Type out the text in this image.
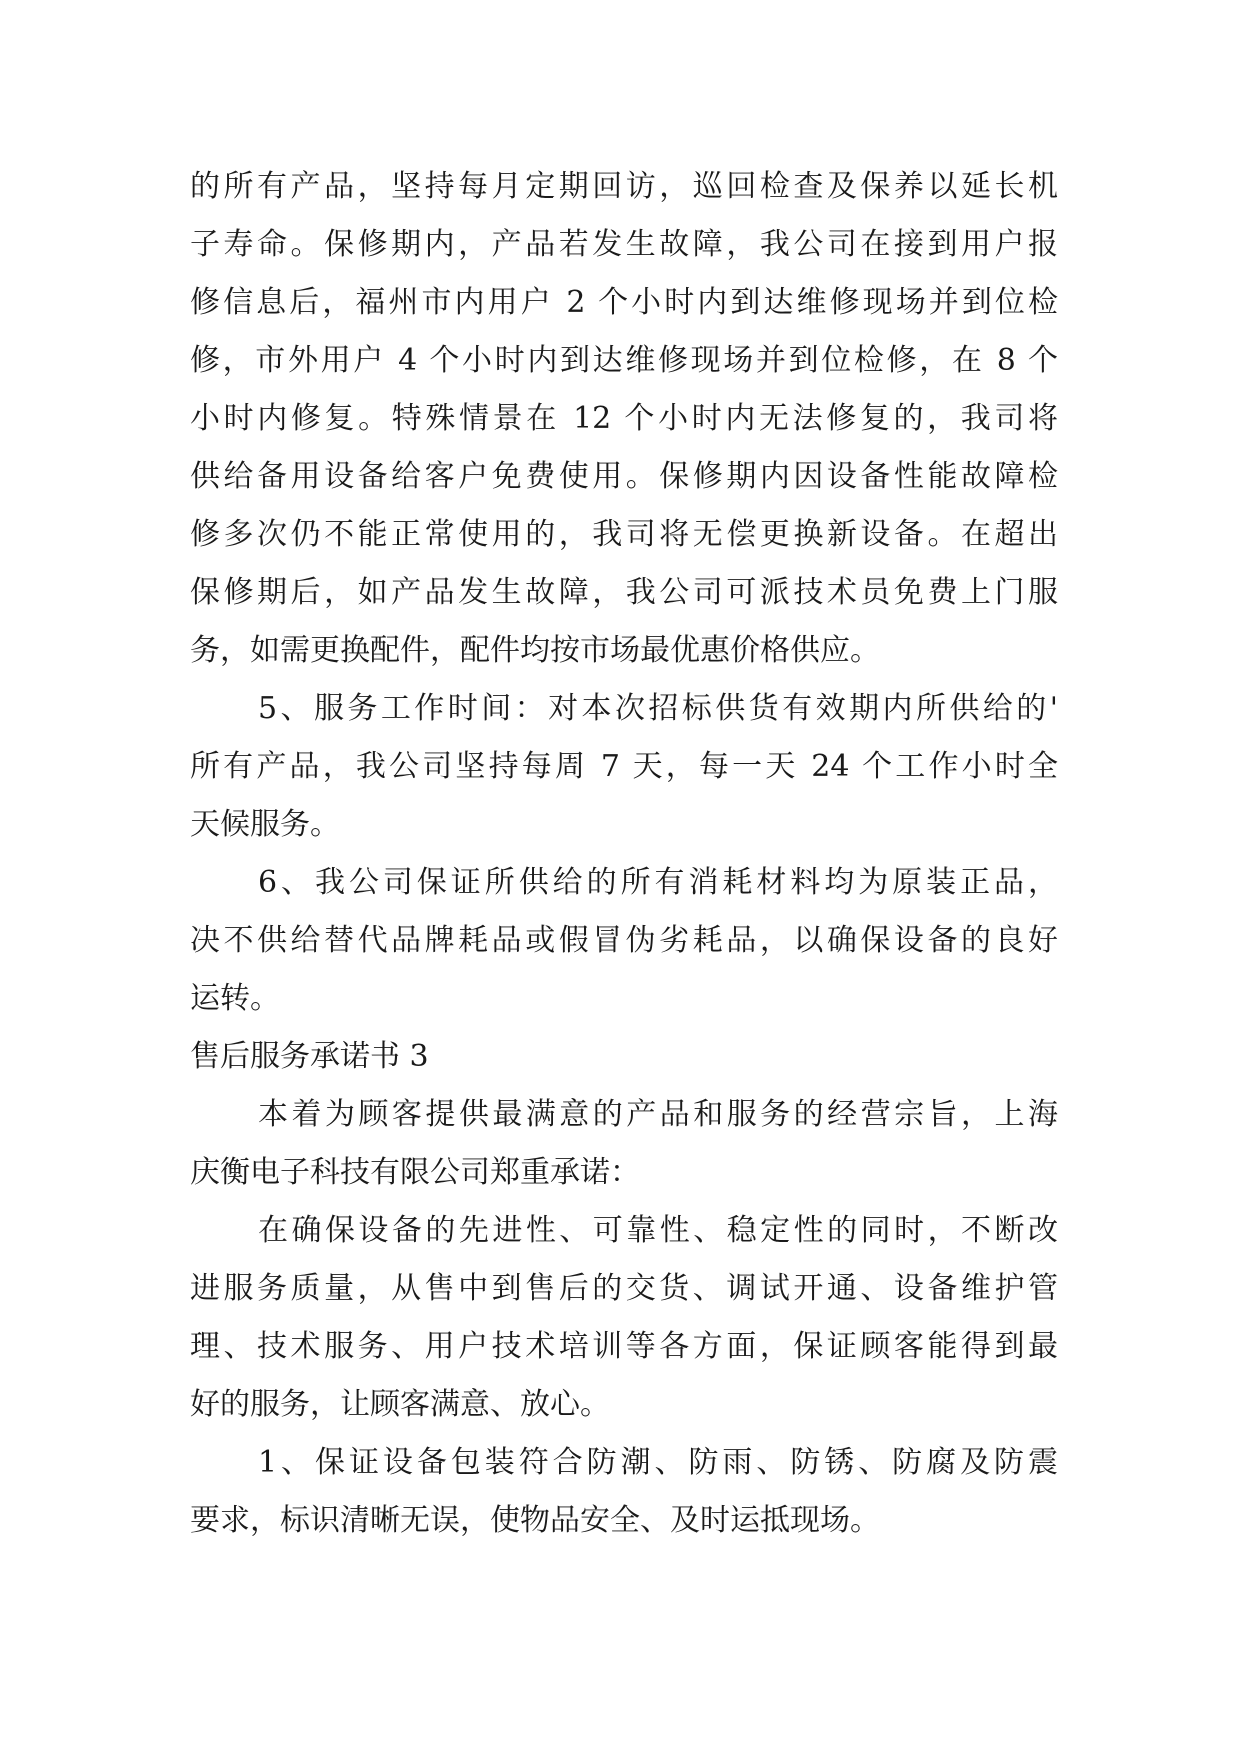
的所有产品，坚持每月定期回访，巡回检查及保养以延长机
子寿命。保修期内，产品若发生故障，我公司在接到用户报
修信息后，福州市内用户 2 个小时内到达维修现场并到位检
修，市外用户 4 个小时内到达维修现场并到位检修，在 8 个
小时内修复。特殊情景在 12 个小时内无法修复的，我司将
供给备用设备给客户免费使用。保修期内因设备性能故障检
修多次仍不能正常使用的，我司将无偿更换新设备。在超出
保修期后，如产品发生故障，我公司可派技术员免费上门服
务，如需更换配件，配件均按市场最优惠价格供应。
5、服务工作时间：对本次招标供货有效期内所供给的'
所有产品，我公司坚持每周 7 天，每一天 24 个工作小时全
天候服务。
6、我公司保证所供给的所有消耗材料均为原装正品，
决不供给替代品牌耗品或假冒伪劣耗品，以确保设备的良好
运转。
售后服务承诺书 3
本着为顾客提供最满意的产品和服务的经营宗旨，上海
庆衡电子科技有限公司郑重承诺：
在确保设备的先进性、可靠性、稳定性的同时，不断改
进服务质量，从售中到售后的交货、调试开通、设备维护管
理、技术服务、用户技术培训等各方面，保证顾客能得到最
好的服务，让顾客满意、放心。
1、保证设备包装符合防潮、防雨、防锈、防腐及防震
要求，标识清晰无误，使物品安全、及时运抵现场。
